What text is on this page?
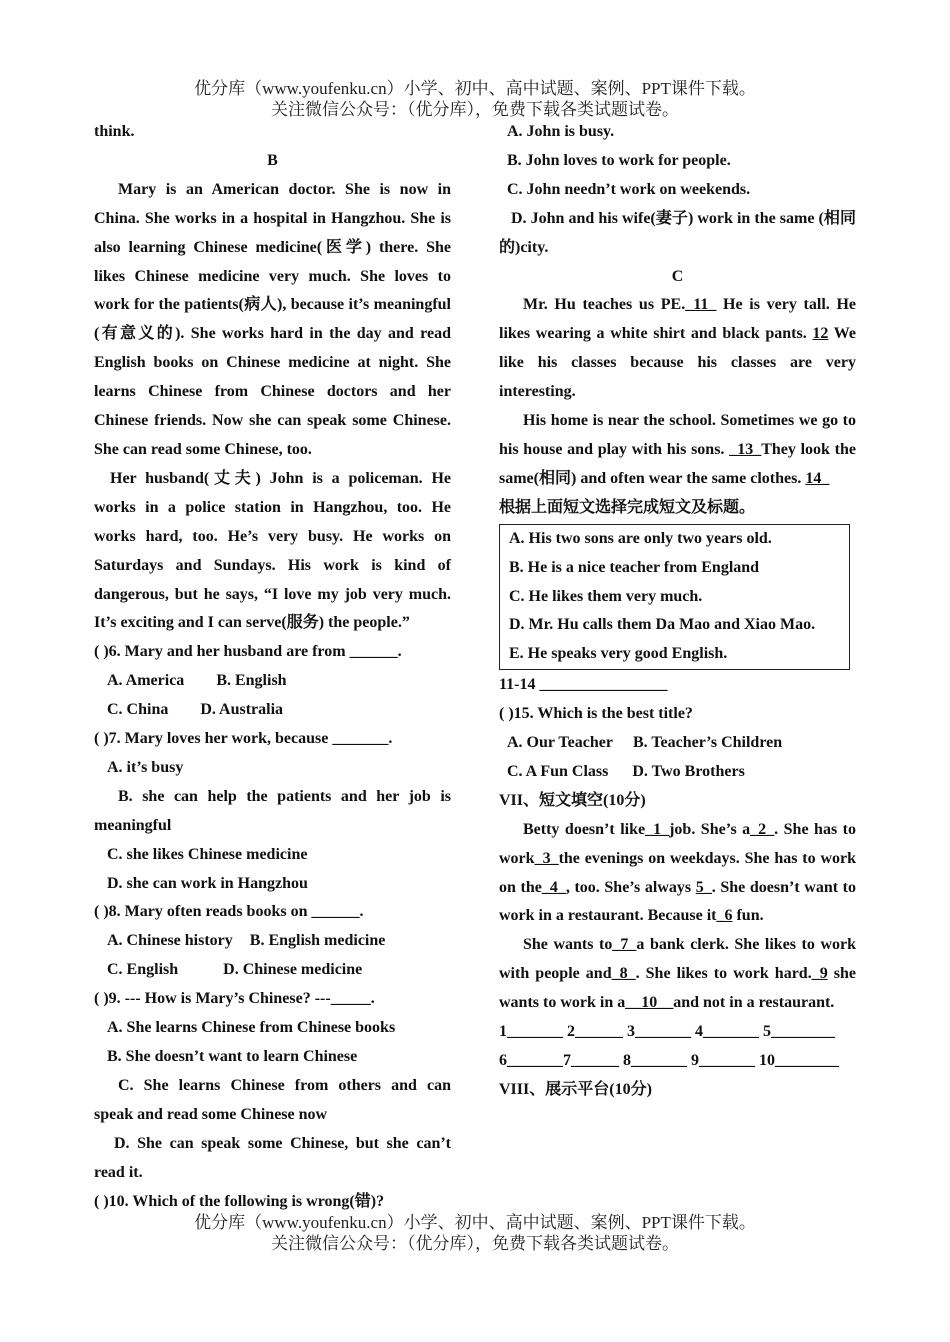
优分库（www.youfenku.cn）小学、初中、高中试题、案例、PPT课件下载。
关注微信公众号：（优分库），免费下载各类试题试卷。

think.

B

Mary is an American doctor. She is now in China. She works in a hospital in Hangzhou. She is also learning Chinese medicine(医学) there. She likes Chinese medicine very much. She loves to work for the patients(病人), because it’s meaningful (有意义的). She works hard in the day and read English books on Chinese medicine at night. She learns Chinese from Chinese doctors and her Chinese friends. Now she can speak some Chinese. She can read some Chinese, too.

Her husband(丈夫) John is a policeman. He works in a police station in Hangzhou, too. He works hard, too. He’s very busy. He works on Saturdays and Sundays. His work is kind of dangerous, but he says, “I love my job very much. It’s exciting and I can serve(服务) the people.”

( )6. Mary and her husband are from ______.

A. America B. English

C. China D. Australia

( )7. Mary loves her work, because _______.

A. it’s busy

B. she can help the patients and her job is meaningful

C. she likes Chinese medicine

D. she can work in Hangzhou

( )8. Mary often reads books on ______.

A. Chinese history B. English medicine

C. English	D. Chinese medicine

( )9. --- How is Mary’s Chinese? ---_____.

A. She learns Chinese from Chinese books

B. She doesn’t want to learn Chinese

C. She learns Chinese from others and can speak and read some Chinese now

D. She can speak some Chinese, but she can’t read it.

( )10. Which of the following is wrong(错)?

A. John is busy.

B. John loves to work for people.

C. John needn’t work on weekends.

D. John and his wife(妻子) work in the same (相同的)city.

C

Mr. Hu teaches us PE._11_ He is very tall. He likes wearing a white shirt and black pants. 12 We like his classes because his classes are very interesting.

His home is near the school. Sometimes we go to his house and play with his sons. _13_They look the same(相同) and often wear the same clothes. 14_

根据上面短文选择完成短文及标题。

A. His two sons are only two years old.

B. He is a nice teacher from England

C. He likes them very much.

D. Mr. Hu calls them Da Mao and Xiao Mao.

E. He speaks very good English.

11-14 ________________

( )15. Which is the best title?

A. Our Teacher B. Teacher’s Children

C. A Fun Class D. Two Brothers

VII、短文填空(10分)

Betty doesn’t like_1_job. She’s a_2_. She has to work_3_the evenings on weekdays. She has to work on the_4_, too. She’s always 5_. She doesn’t want to work in a restaurant. Because it_6 fun.

She wants to_7_a bank clerk. She likes to work with people and_8_. She likes to work hard._9 she wants to work in a__10__and not in a restaurant.

1_______ 2______ 3_______ 4_______ 5________

6_______7______ 8_______ 9_______ 10________

VIII、展示平台(10分)

优分库（www.youfenku.cn）小学、初中、高中试题、案例、PPT课件下载。
关注微信公众号：（优分库），免费下载各类试题试卷。
